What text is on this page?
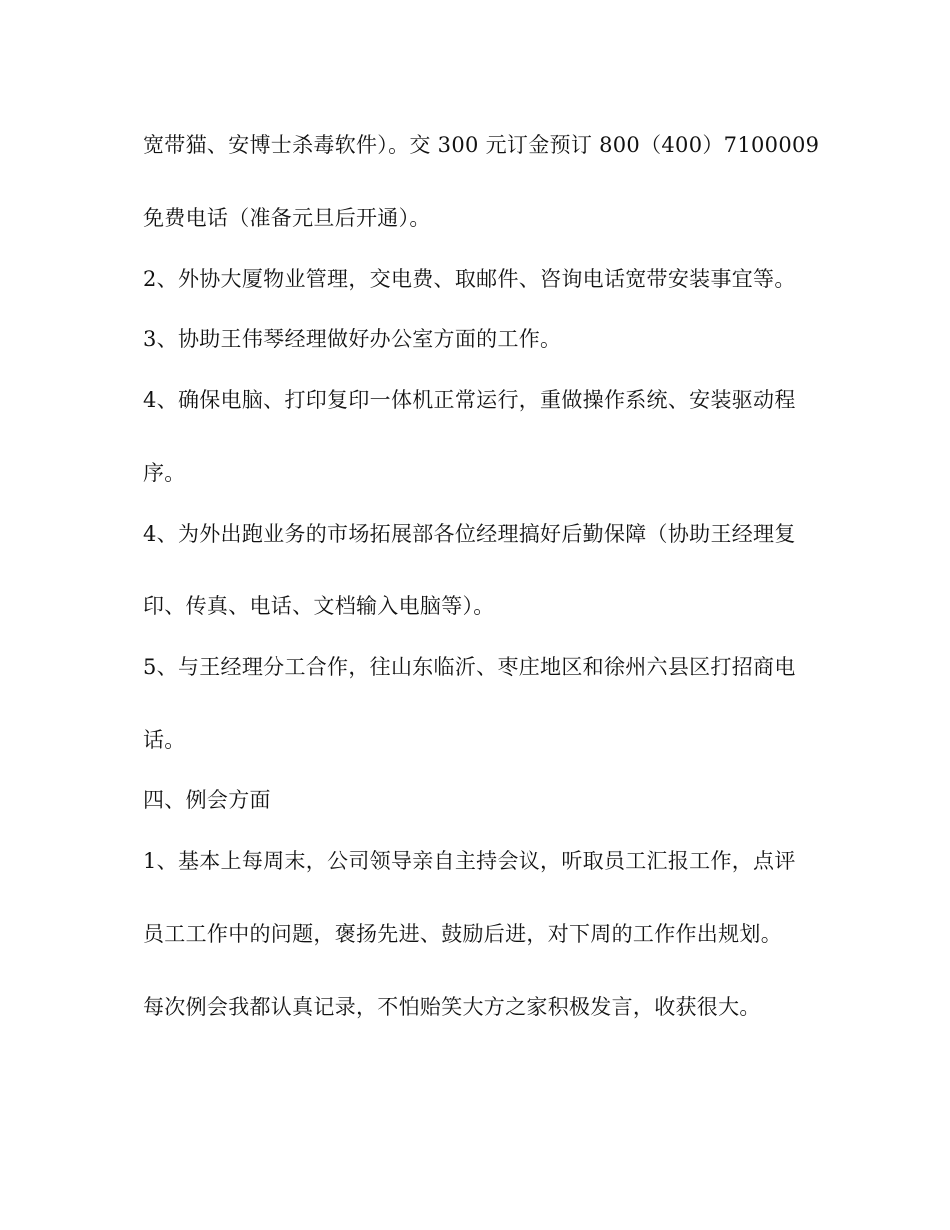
宽带猫、安博士杀毒软件）。交 300 元订金预订 800（400）7100009
免费电话（准备元旦后开通）。
2、外协大厦物业管理，交电费、取邮件、咨询电话宽带安装事宜等。
3、协助王伟琴经理做好办公室方面的工作。
4、确保电脑、打印复印一体机正常运行，重做操作系统、安装驱动程
序。
4、为外出跑业务的市场拓展部各位经理搞好后勤保障（协助王经理复
印、传真、电话、文档输入电脑等）。
5、与王经理分工合作，往山东临沂、枣庄地区和徐州六县区打招商电
话。
四、例会方面
1、基本上每周末，公司领导亲自主持会议，听取员工汇报工作，点评
员工工作中的问题，褒扬先进、鼓励后进，对下周的工作作出规划。
每次例会我都认真记录，不怕贻笑大方之家积极发言，收获很大。
